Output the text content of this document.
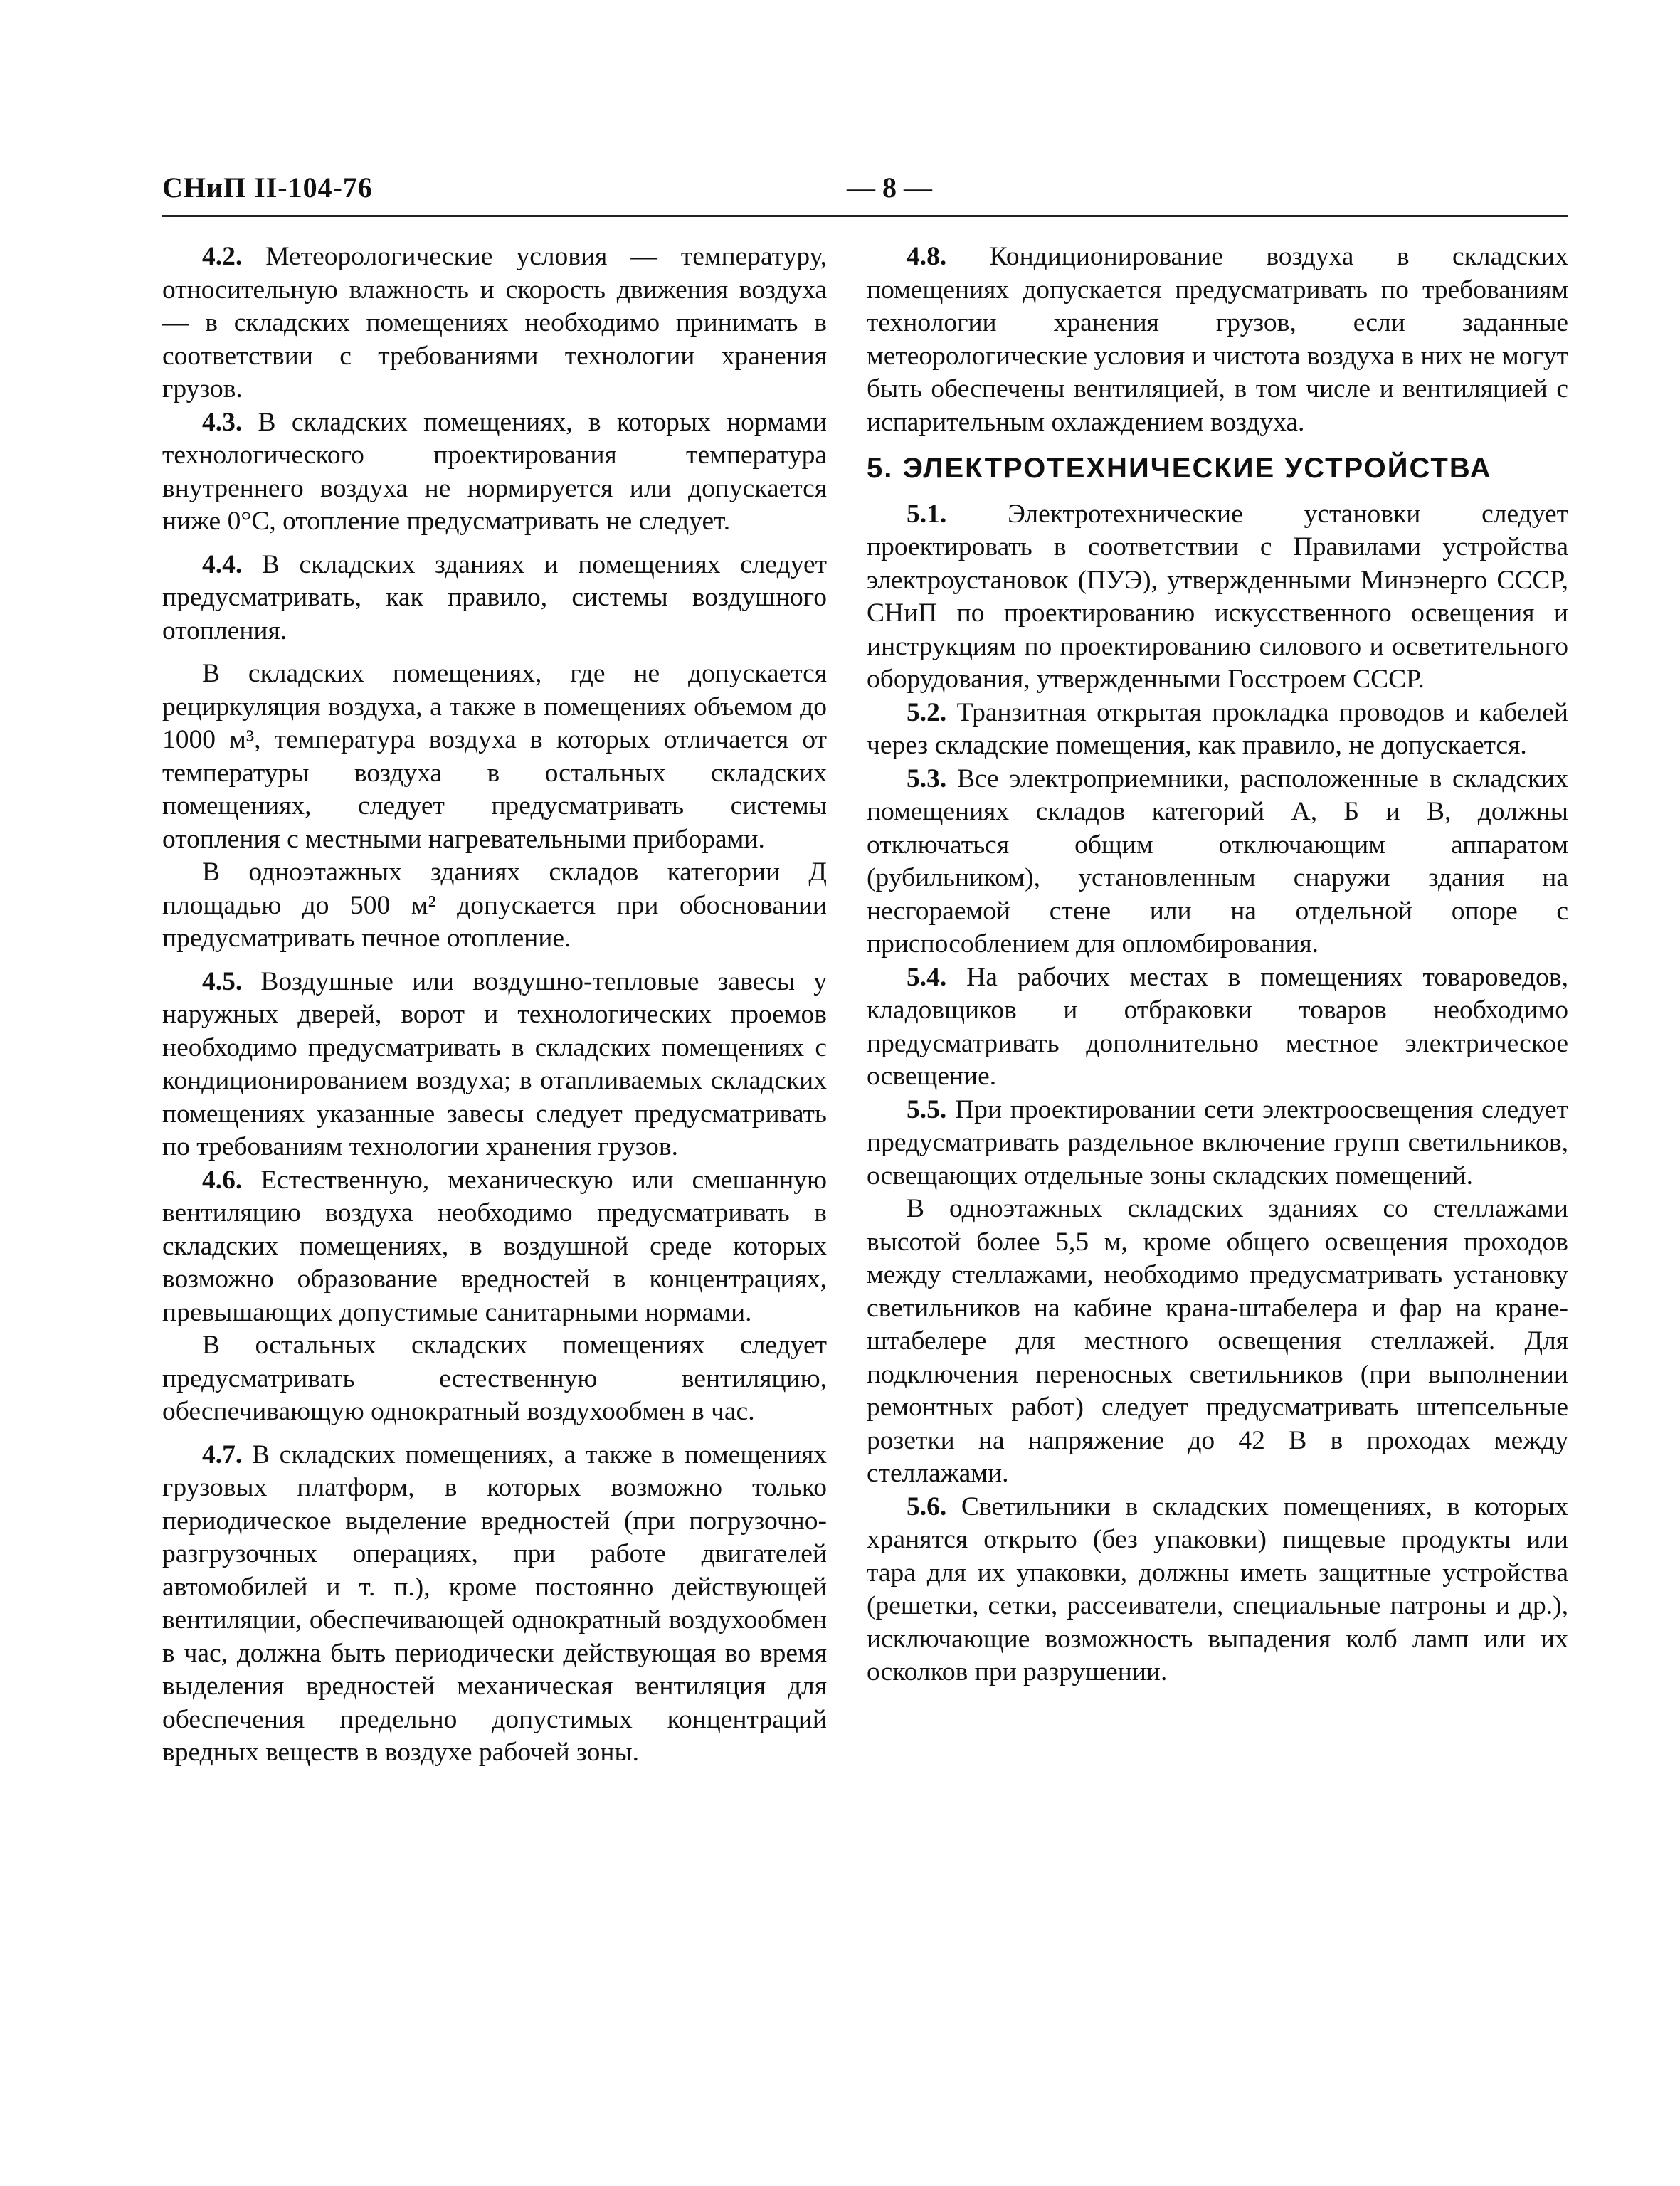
СНиП II-104-76	— 8 —

4.2. Метеорологические условия — температуру, относительную влажность и скорость движения воздуха — в складских помещениях необходимо принимать в соответствии с требованиями технологии хранения грузов.

4.3. В складских помещениях, в которых нормами технологического проектирования температура внутреннего воздуха не нормируется или допускается ниже 0°С, отопление предусматривать не следует.

4.4. В складских зданиях и помещениях следует предусматривать, как правило, системы воздушного отопления.

В складских помещениях, где не допускается рециркуляция воздуха, а также в помещениях объемом до 1000 м³, температура воздуха в которых отличается от температуры воздуха в остальных складских помещениях, следует предусматривать системы отопления с местными нагревательными приборами.

В одноэтажных зданиях складов категории Д площадью до 500 м² допускается при обосновании предусматривать печное отопление.

4.5. Воздушные или воздушно-тепловые завесы у наружных дверей, ворот и технологических проемов необходимо предусматривать в складских помещениях с кондиционированием воздуха; в отапливаемых складских помещениях указанные завесы следует предусматривать по требованиям технологии хранения грузов.

4.6. Естественную, механическую или смешанную вентиляцию воздуха необходимо предусматривать в складских помещениях, в воздушной среде которых возможно образование вредностей в концентрациях, превышающих допустимые санитарными нормами.

В остальных складских помещениях следует предусматривать естественную вентиляцию, обеспечивающую однократный воздухообмен в час.

4.7. В складских помещениях, а также в помещениях грузовых платформ, в которых возможно только периодическое выделение вредностей (при погрузочно-разгрузочных операциях, при работе двигателей автомобилей и т. п.), кроме постоянно действующей вентиляции, обеспечивающей однократный воздухообмен в час, должна быть периодически действующая во время выделения вредностей механическая вентиляция для обеспечения предельно допустимых концентраций вредных веществ в воздухе рабочей зоны.

4.8. Кондиционирование воздуха в складских помещениях допускается предусматривать по требованиям технологии хранения грузов, если заданные метеорологические условия и чистота воздуха в них не могут быть обеспечены вентиляцией, в том числе и вентиляцией с испарительным охлаждением воздуха.

5. ЭЛЕКТРОТЕХНИЧЕСКИЕ УСТРОЙСТВА

5.1. Электротехнические установки следует проектировать в соответствии с Правилами устройства электроустановок (ПУЭ), утвержденными Минэнерго СССР, СНиП по проектированию искусственного освещения и инструкциям по проектированию силового и осветительного оборудования, утвержденными Госстроем СССР.

5.2. Транзитная открытая прокладка проводов и кабелей через складские помещения, как правило, не допускается.

5.3. Все электроприемники, расположенные в складских помещениях складов категорий А, Б и В, должны отключаться общим отключающим аппаратом (рубильником), установленным снаружи здания на несгораемой стене или на отдельной опоре с приспособлением для опломбирования.

5.4. На рабочих местах в помещениях товароведов, кладовщиков и отбраковки товаров необходимо предусматривать дополнительно местное электрическое освещение.

5.5. При проектировании сети электроосвещения следует предусматривать раздельное включение групп светильников, освещающих отдельные зоны складских помещений.

В одноэтажных складских зданиях со стеллажами высотой более 5,5 м, кроме общего освещения проходов между стеллажами, необходимо предусматривать установку светильников на кабине крана-штабелера и фар на кране-штабелере для местного освещения стеллажей. Для подключения переносных светильников (при выполнении ремонтных работ) следует предусматривать штепсельные розетки на напряжение до 42 В в проходах между стеллажами.

5.6. Светильники в складских помещениях, в которых хранятся открыто (без упаковки) пищевые продукты или тара для их упаковки, должны иметь защитные устройства (решетки, сетки, рассеиватели, специальные патроны и др.), исключающие возможность выпадения колб ламп или их осколков при разрушении.
